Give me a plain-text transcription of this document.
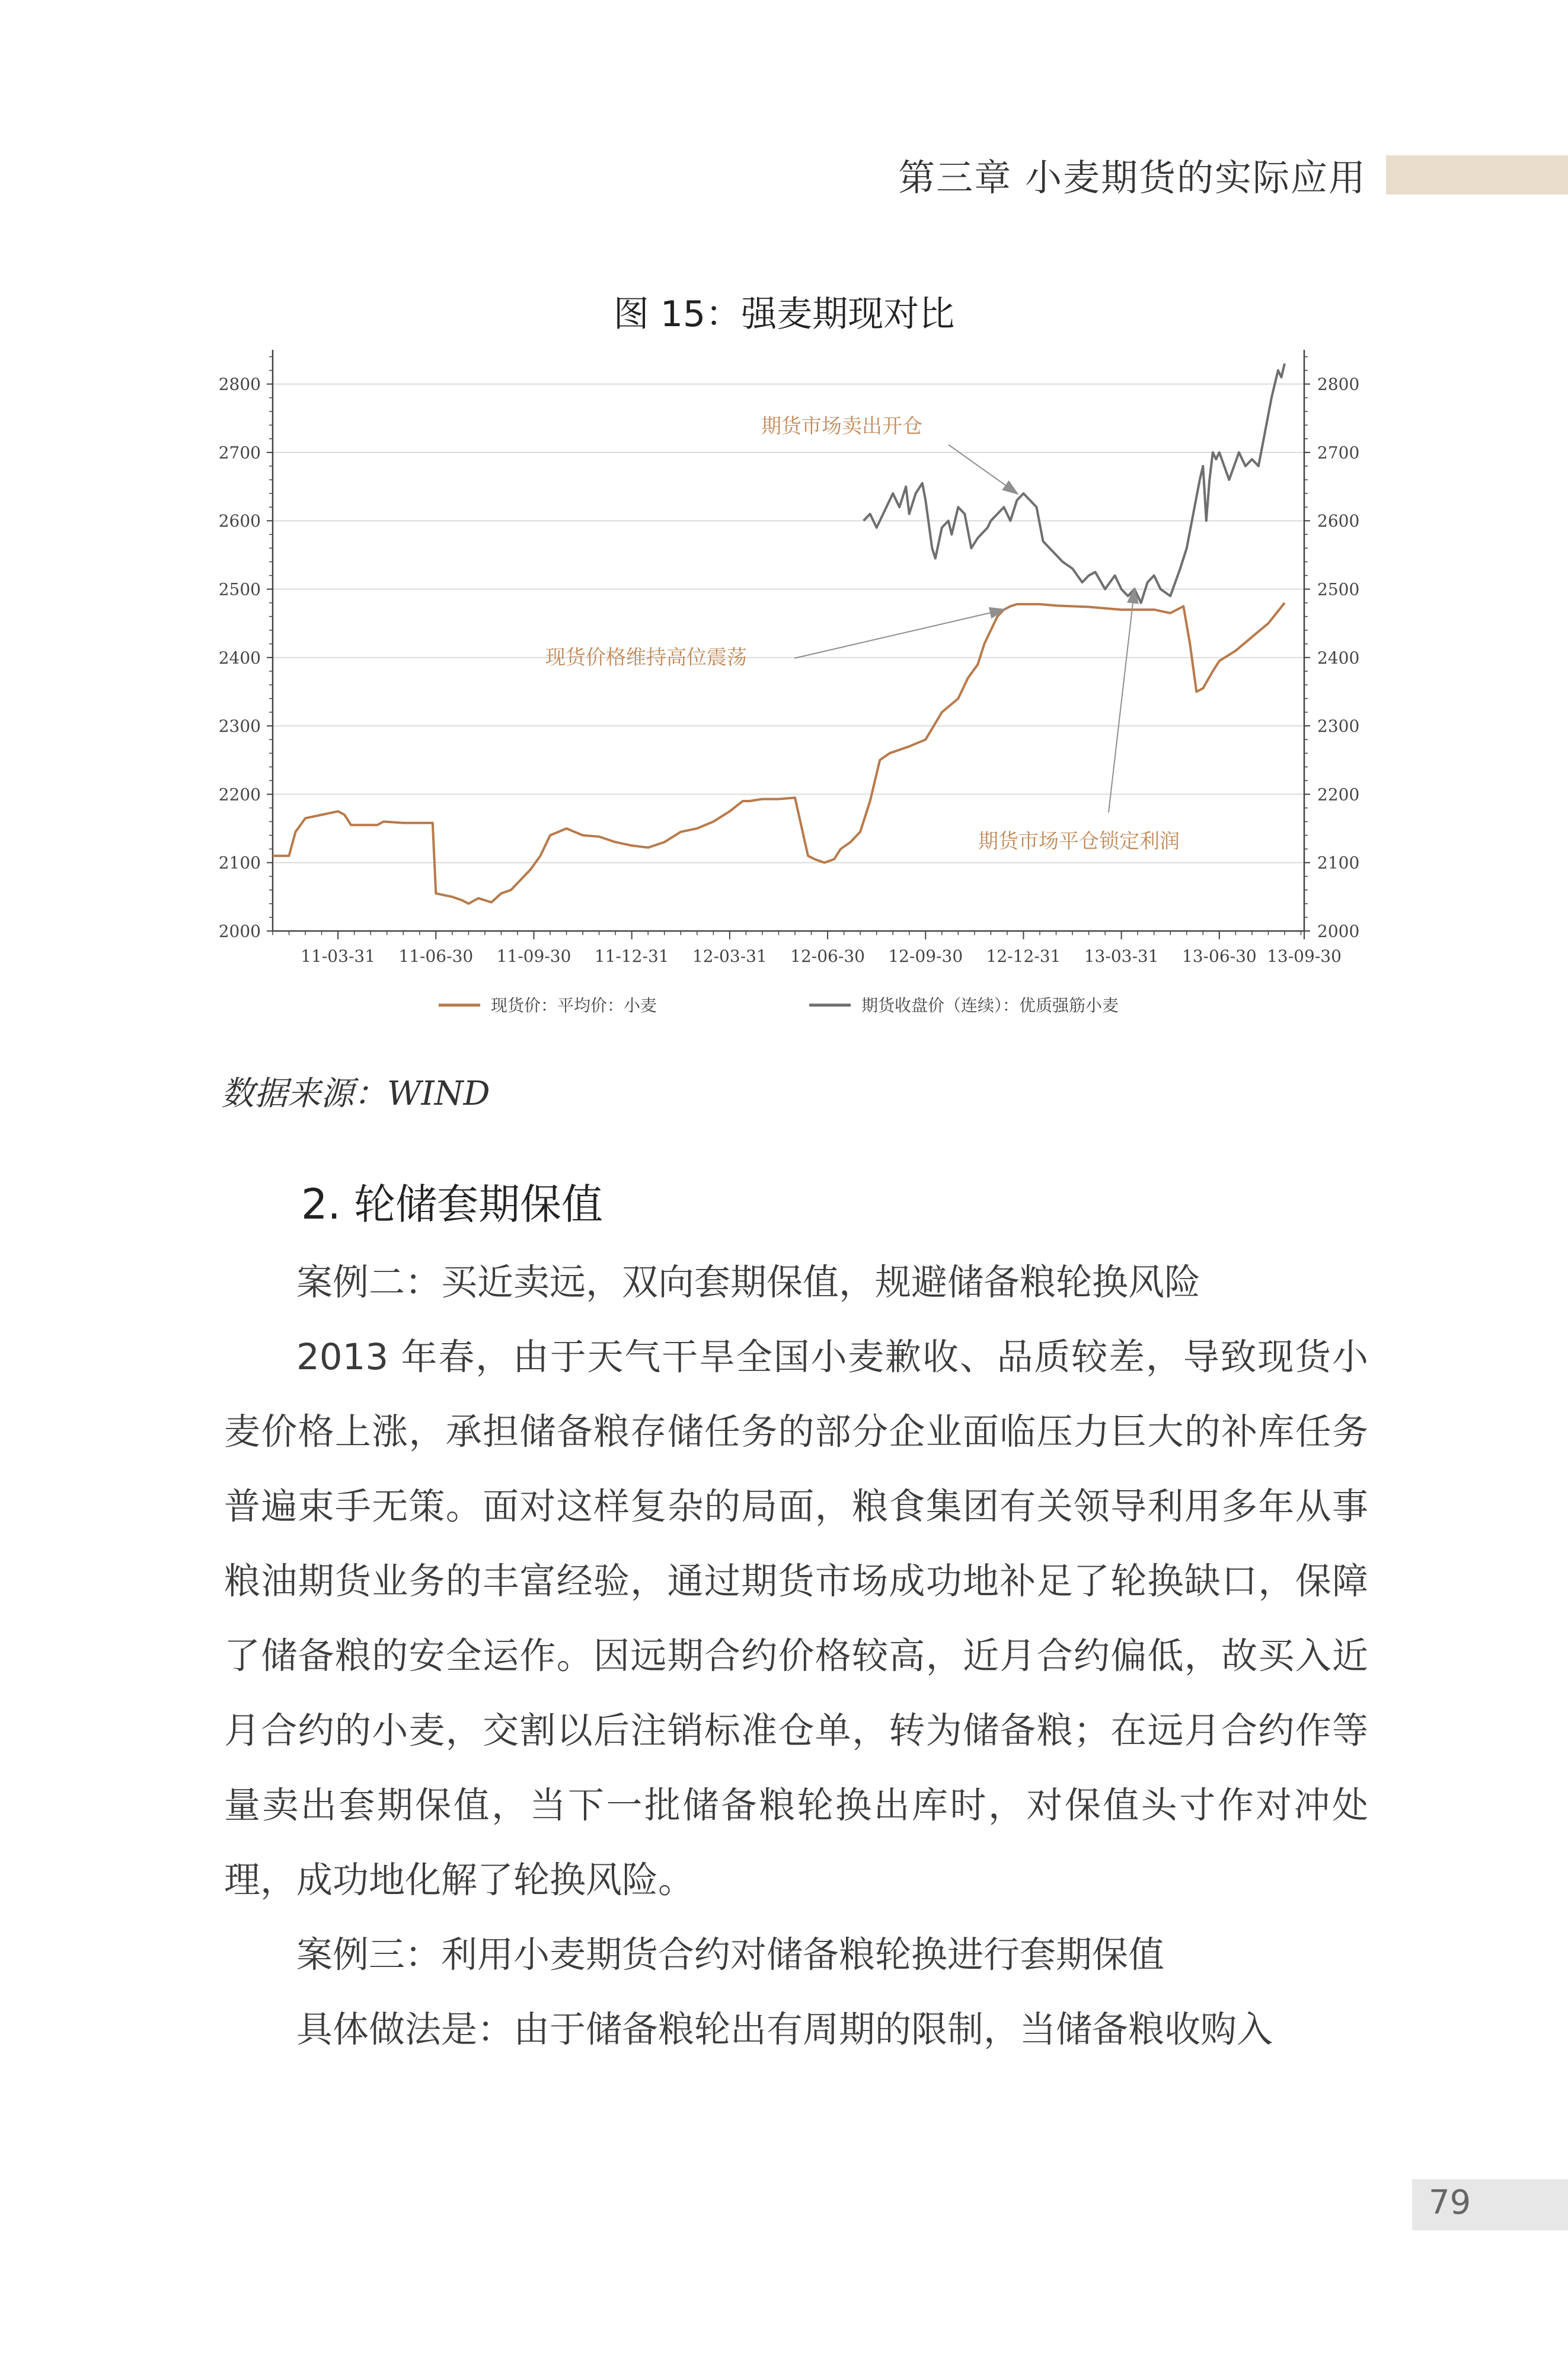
第三章 小麦期货的实际应用
图 15：强麦期现对比
2000	2000
2100	2100
2200	2200
2300	2300
2400	2400
2500	2500
2600	2600
2700	2700
2800	2800
11-03-31 11-06-30 11-09-30 11-12-31 12-03-31 12-06-30 12-09-30 12-12-31 13-03-31 13-06-30 13-09-30
期货市场卖出开仓
现货价格维持高位震荡
期货市场平仓锁定利润
现货价：平均价：小麦	期货收盘价（连续）：优质强筋小麦
数据来源：WIND
2. 轮储套期保值

案例二：买近卖远，双向套期保值，规避储备粮轮换风险

2013 年春，由于天气干旱全国小麦歉收、品质较差，导致现货小麦价格上涨，承担储备粮存储任务的部分企业面临压力巨大的补库任务普遍束手无策。面对这样复杂的局面，粮食集团有关领导利用多年从事粮油期货业务的丰富经验，通过期货市场成功地补足了轮换缺口，保障了储备粮的安全运作。因远期合约价格较高，近月合约偏低，故买入近月合约的小麦，交割以后注销标准仓单，转为储备粮；在远月合约作等量卖出套期保值，当下一批储备粮轮换出库时，对保值头寸作对冲处理，成功地化解了轮换风险。

案例三：利用小麦期货合约对储备粮轮换进行套期保值

具体做法是：由于储备粮轮出有周期的限制，当储备粮收购入

79
